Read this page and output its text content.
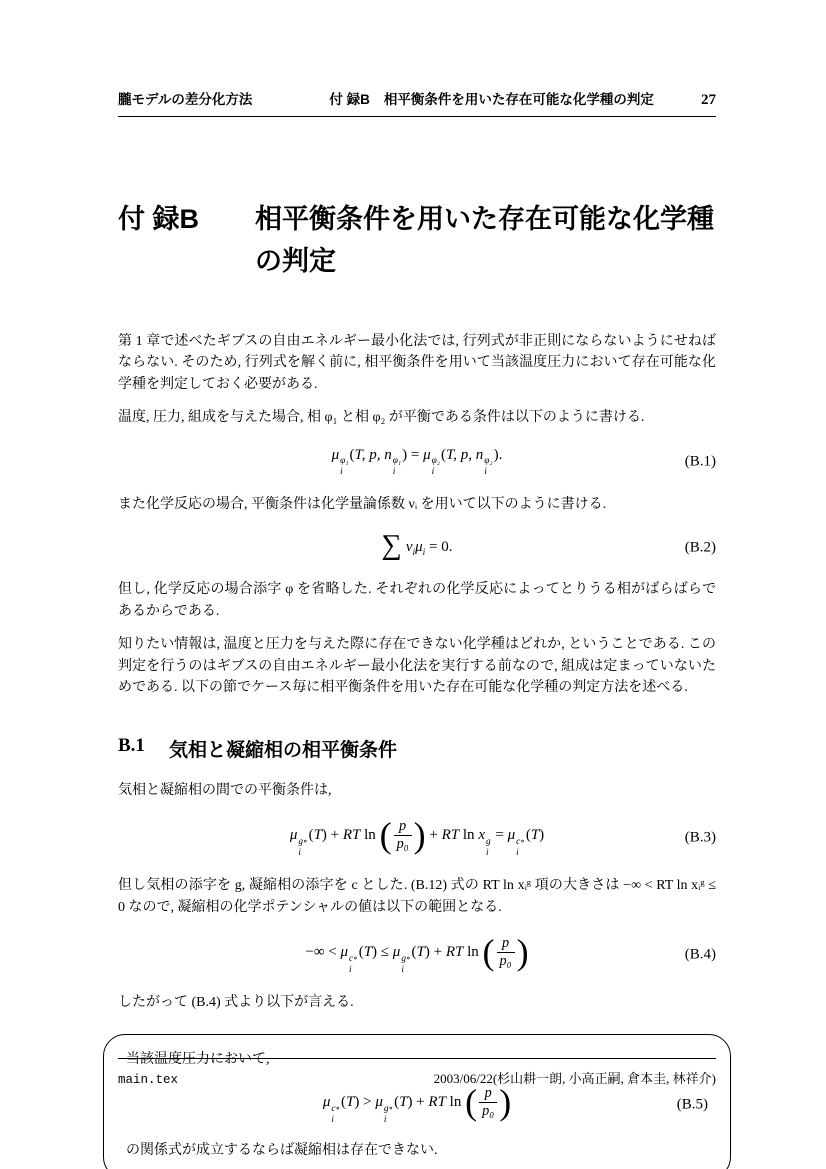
朧モデルの差分化方法	付 録B 相平衡条件を用いた存在可能な化学種の判定	27
付 録B	相平衡条件を用いた存在可能な化学種の判定

第 1 章で述べたギブスの自由エネルギー最小化法では, 行列式が非正則にならないようにせねばならない. そのため, 行列式を解く前に, 相平衡条件を用いて当該温度圧力において存在可能な化学種を判定しておく必要がある.

温度, 圧力, 組成を与えた場合, 相 φ₁ と相 φ₂ が平衡である条件は以下のように書ける.

μ φ₁
i
(T, p, n φ₁
i
) = μ φ₂
i
(T, p, n φ₂
i
).	(B.1)

また化学反応の場合, 平衡条件は化学量論係数 νᵢ を用いて以下のように書ける.

∑ $\nu_i\mu_i = 0$.	(B.2)

但し, 化学反応の場合添字 φ を省略した. それぞれの化学反応によってとりうる相がばらばらであるからである.

知りたい情報は, 温度と圧力を与えた際に存在できない化学種はどれか, ということである. この判定を行うのはギブスの自由エネルギー最小化法を実行する前なので, 組成は定まっていないためである. 以下の節でケース毎に相平衡条件を用いた存在可能な化学種の判定方法を述べる.

B.1 気相と凝縮相の相平衡条件

気相と凝縮相の間での平衡条件は,

μ g∘
i
(T) + RT ln ( $\frac{p}{\text{p₀}}$ ) + RT ln x g
i
= μ c∘
i
(T)	(B.3)

但し気相の添字を g, 凝縮相の添字を c とした. (B.12) 式の RT ln xᵢᵍ 項の大きさは −∞ < RT ln xᵢᵍ ≤ 0 なので, 凝縮相の化学ポテンシャルの値は以下の範囲となる.

−∞ < μ c∘
i
(T) ≤ μ g∘
i
(T) + RT ln ( $\frac{p}{\text{p₀}}$ )	(B.4)

したがって (B.4) 式より以下が言える.

当該温度圧力において,

μ c∘
i
(T) > μ g∘
i
(T) + RT ln ( $\frac{p}{\text{p₀}}$ )	(B.5)

の関係式が成立するならば凝縮相は存在できない.

main.tex	2003/06/22(杉山耕一朗, 小高正嗣, 倉本圭, 林祥介)
